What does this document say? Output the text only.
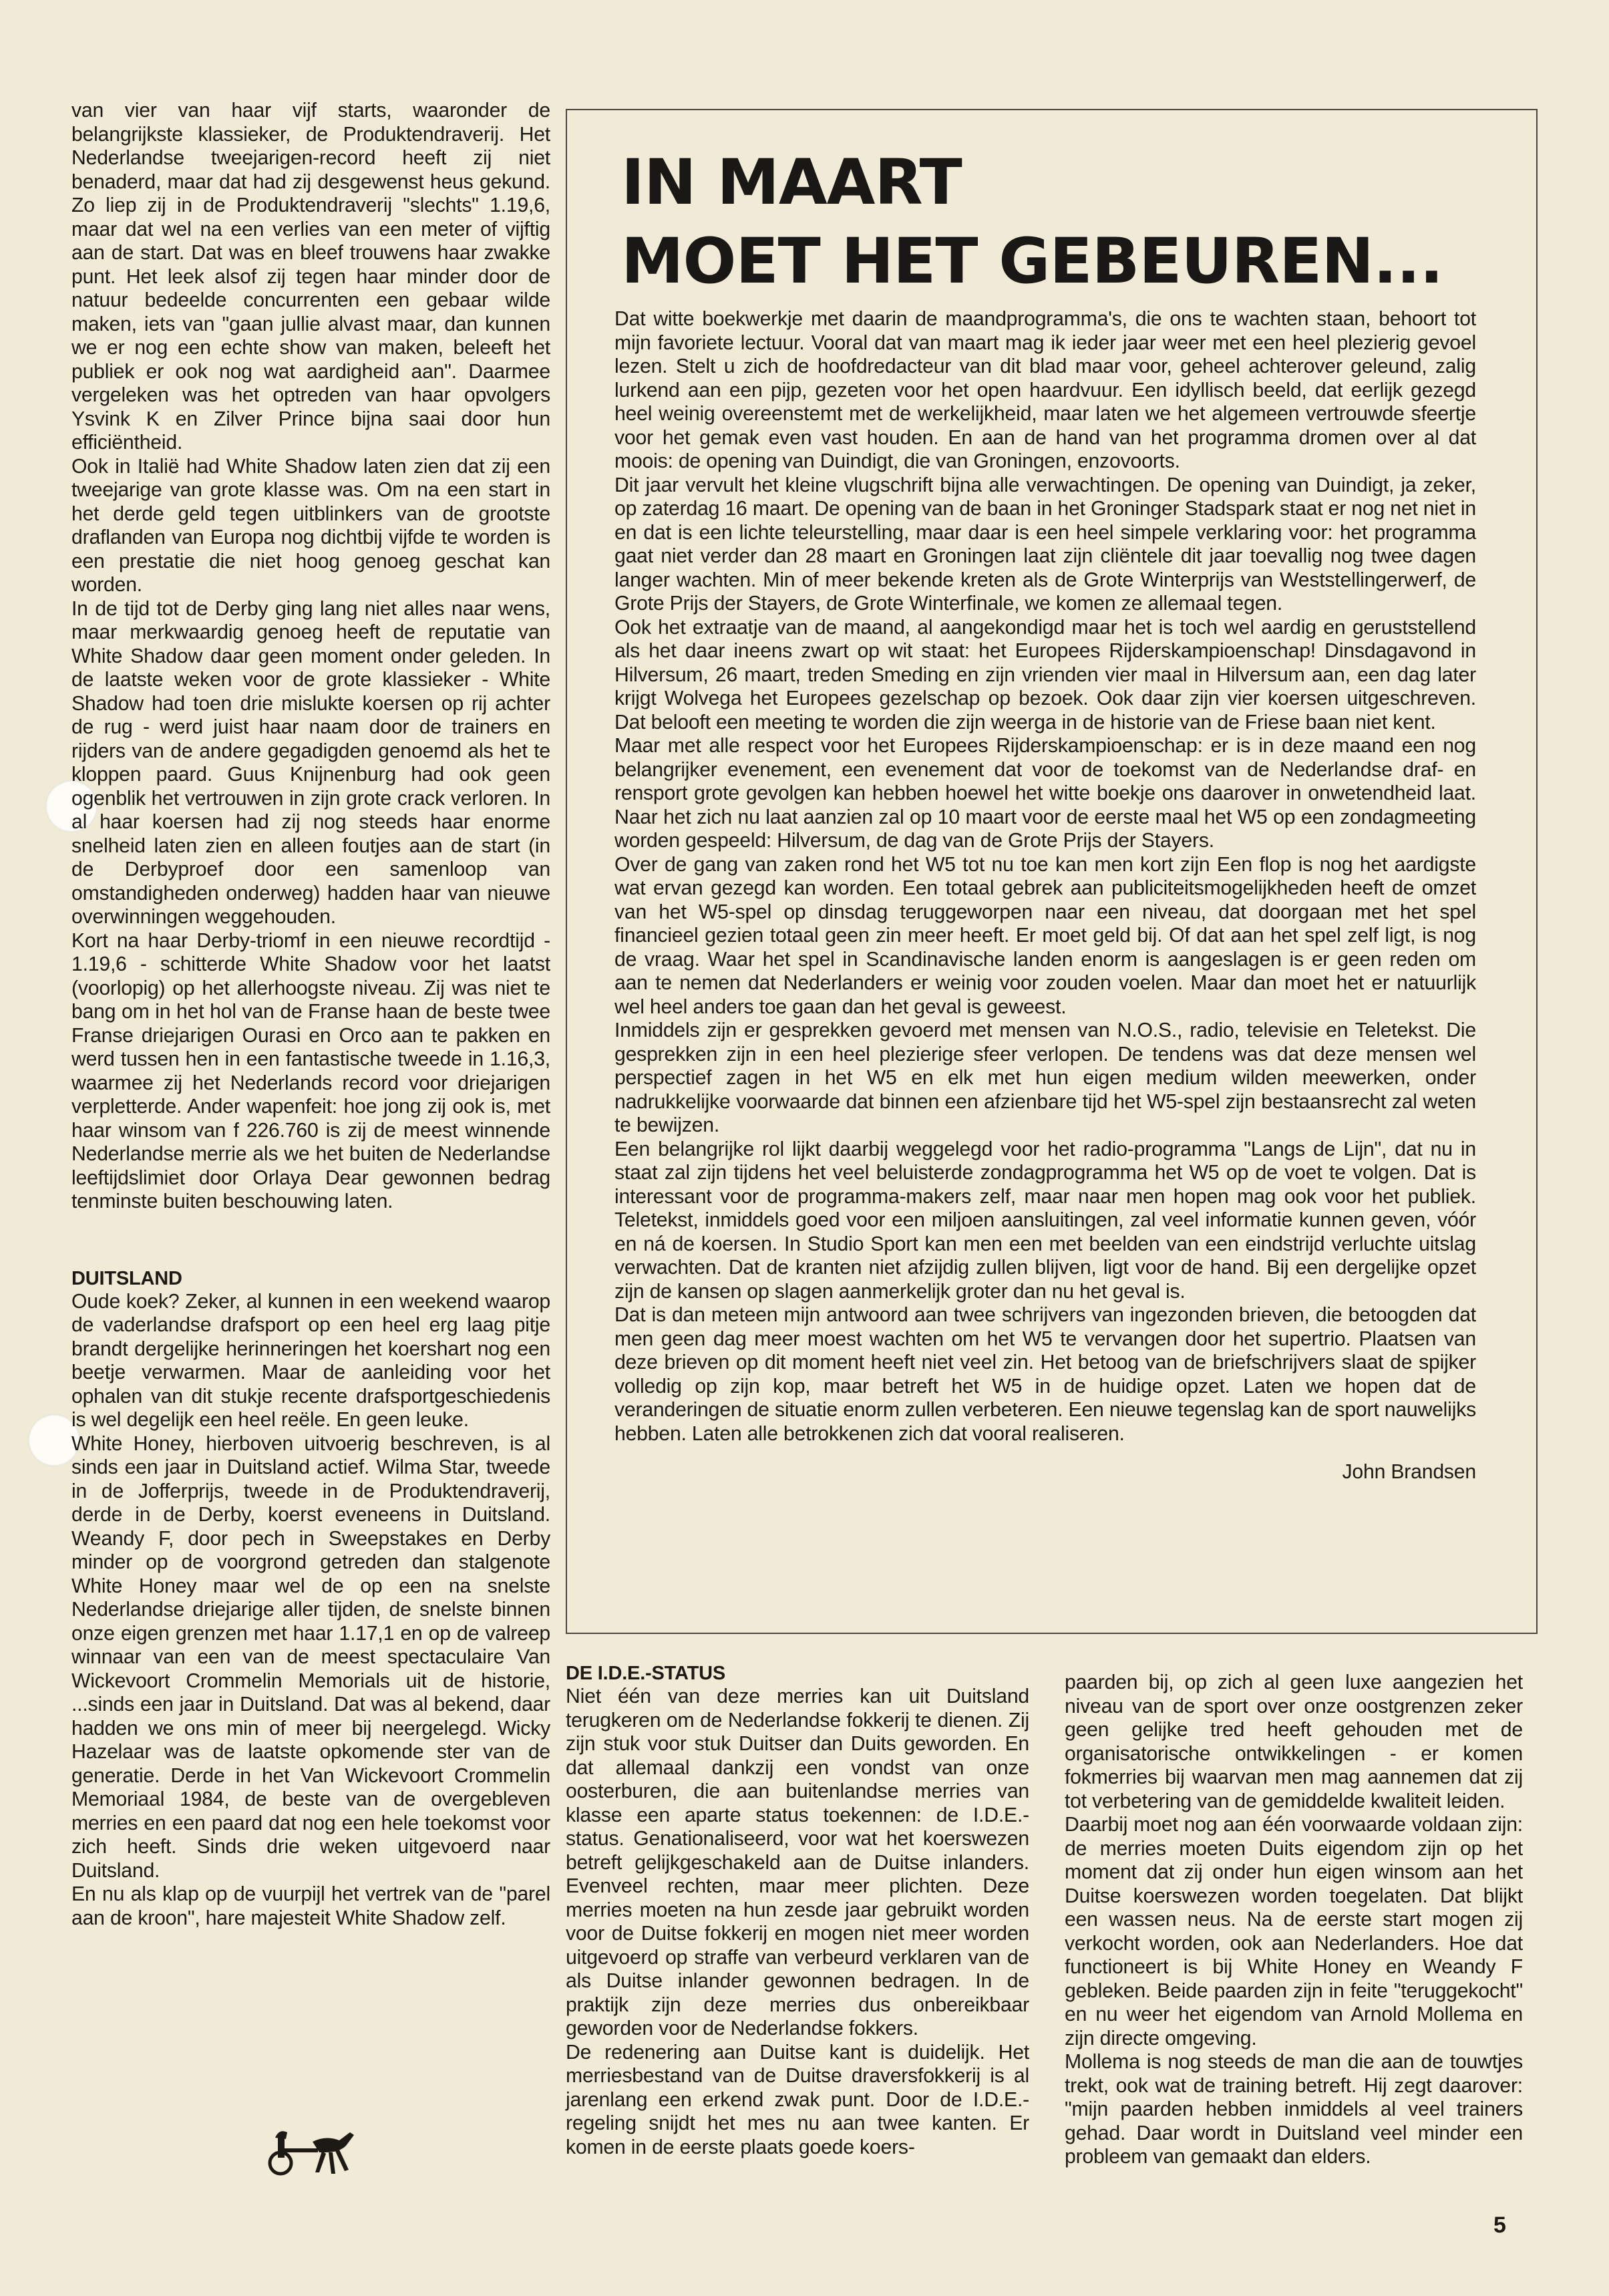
van vier van haar vijf starts, waaronder de belangrijkste klassieker, de Produktendraverij. Het Nederlandse tweejarigen-record heeft zij niet benaderd, maar dat had zij desgewenst heus gekund. Zo liep zij in de Produktendraverij "slechts" 1.19,6, maar dat wel na een verlies van een meter of vijftig aan de start. Dat was en bleef trouwens haar zwakke punt. Het leek alsof zij tegen haar minder door de natuur bedeelde concurrenten een gebaar wilde maken, iets van "gaan jullie alvast maar, dan kunnen we er nog een echte show van maken, beleeft het publiek er ook nog wat aardigheid aan". Daarmee vergeleken was het optreden van haar opvolgers Ysvink K en Zilver Prince bijna saai door hun efficiëntheid.

Ook in Italië had White Shadow laten zien dat zij een tweejarige van grote klasse was. Om na een start in het derde geld tegen uitblinkers van de grootste draflanden van Europa nog dichtbij vijfde te worden is een prestatie die niet hoog genoeg geschat kan worden.

In de tijd tot de Derby ging lang niet alles naar wens, maar merkwaardig genoeg heeft de reputatie van White Shadow daar geen moment onder geleden. In de laatste weken voor de grote klassieker - White Shadow had toen drie mislukte koersen op rij achter de rug - werd juist haar naam door de trainers en rijders van de andere gegadigden genoemd als het te kloppen paard. Guus Knijnenburg had ook geen ogenblik het vertrouwen in zijn grote crack verloren. In al haar koersen had zij nog steeds haar enorme snelheid laten zien en alleen foutjes aan de start (in de Derbyproef door een samenloop van omstandigheden onderweg) hadden haar van nieuwe overwinningen weggehouden.

Kort na haar Derby-triomf in een nieuwe recordtijd - 1.19,6 - schitterde White Shadow voor het laatst (voorlopig) op het allerhoogste niveau. Zij was niet te bang om in het hol van de Franse haan de beste twee Franse driejarigen Ourasi en Orco aan te pakken en werd tussen hen in een fantastische tweede in 1.16,3, waarmee zij het Nederlands record voor driejarigen verpletterde. Ander wapenfeit: hoe jong zij ook is, met haar winsom van f 226.760 is zij de meest winnende Nederlandse merrie als we het buiten de Nederlandse leeftijdslimiet door Orlaya Dear gewonnen bedrag tenminste buiten beschouwing laten.

DUITSLAND

Oude koek? Zeker, al kunnen in een weekend waarop de vaderlandse drafsport op een heel erg laag pitje brandt dergelijke herinneringen het koershart nog een beetje verwarmen. Maar de aanleiding voor het ophalen van dit stukje recente drafsportgeschiedenis is wel degelijk een heel reële. En geen leuke.

White Honey, hierboven uitvoerig beschreven, is al sinds een jaar in Duitsland actief. Wilma Star, tweede in de Jofferprijs, tweede in de Produktendraverij, derde in de Derby, koerst eveneens in Duitsland. Weandy F, door pech in Sweepstakes en Derby minder op de voorgrond getreden dan stalgenote White Honey maar wel de op een na snelste Nederlandse driejarige aller tijden, de snelste binnen onze eigen grenzen met haar 1.17,1 en op de valreep winnaar van een van de meest spectaculaire Van Wickevoort Crommelin Memorials uit de historie, ...sinds een jaar in Duitsland. Dat was al bekend, daar hadden we ons min of meer bij neergelegd. Wicky Hazelaar was de laatste opkomende ster van de generatie. Derde in het Van Wickevoort Crommelin Memoriaal 1984, de beste van de overgebleven merries en een paard dat nog een hele toekomst voor zich heeft. Sinds drie weken uitgevoerd naar Duitsland.

En nu als klap op de vuurpijl het vertrek van de "parel aan de kroon", hare majesteit White Shadow zelf.

IN MAART
MOET HET GEBEUREN...

Dat witte boekwerkje met daarin de maandprogramma's, die ons te wachten staan, behoort tot mijn favoriete lectuur. Vooral dat van maart mag ik ieder jaar weer met een heel plezierig gevoel lezen. Stelt u zich de hoofdredacteur van dit blad maar voor, geheel achterover geleund, zalig lurkend aan een pijp, gezeten voor het open haardvuur. Een idyllisch beeld, dat eerlijk gezegd heel weinig overeenstemt met de werkelijkheid, maar laten we het algemeen vertrouwde sfeertje voor het gemak even vast houden. En aan de hand van het programma dromen over al dat moois: de opening van Duindigt, die van Groningen, enzovoorts.

Dit jaar vervult het kleine vlugschrift bijna alle verwachtingen. De opening van Duindigt, ja zeker, op zaterdag 16 maart. De opening van de baan in het Groninger Stadspark staat er nog net niet in en dat is een lichte teleurstelling, maar daar is een heel simpele verklaring voor: het programma gaat niet verder dan 28 maart en Groningen laat zijn cliëntele dit jaar toevallig nog twee dagen langer wachten. Min of meer bekende kreten als de Grote Winterprijs van Weststellingerwerf, de Grote Prijs der Stayers, de Grote Winterfinale, we komen ze allemaal tegen.

Ook het extraatje van de maand, al aangekondigd maar het is toch wel aardig en geruststellend als het daar ineens zwart op wit staat: het Europees Rijderskampioenschap! Dinsdagavond in Hilversum, 26 maart, treden Smeding en zijn vrienden vier maal in Hilversum aan, een dag later krijgt Wolvega het Europees gezelschap op bezoek. Ook daar zijn vier koersen uitgeschreven. Dat belooft een meeting te worden die zijn weerga in de historie van de Friese baan niet kent.

Maar met alle respect voor het Europees Rijderskampioenschap: er is in deze maand een nog belangrijker evenement, een evenement dat voor de toekomst van de Nederlandse draf- en rensport grote gevolgen kan hebben hoewel het witte boekje ons daarover in onwetendheid laat. Naar het zich nu laat aanzien zal op 10 maart voor de eerste maal het W5 op een zondagmeeting worden gespeeld: Hilversum, de dag van de Grote Prijs der Stayers.

Over de gang van zaken rond het W5 tot nu toe kan men kort zijn Een flop is nog het aardigste wat ervan gezegd kan worden. Een totaal gebrek aan publiciteitsmogelijkheden heeft de omzet van het W5-spel op dinsdag teruggeworpen naar een niveau, dat doorgaan met het spel financieel gezien totaal geen zin meer heeft. Er moet geld bij. Of dat aan het spel zelf ligt, is nog de vraag. Waar het spel in Scandinavische landen enorm is aangeslagen is er geen reden om aan te nemen dat Nederlanders er weinig voor zouden voelen. Maar dan moet het er natuurlijk wel heel anders toe gaan dan het geval is geweest.

Inmiddels zijn er gesprekken gevoerd met mensen van N.O.S., radio, televisie en Teletekst. Die gesprekken zijn in een heel plezierige sfeer verlopen. De tendens was dat deze mensen wel perspectief zagen in het W5 en elk met hun eigen medium wilden meewerken, onder nadrukkelijke voorwaarde dat binnen een afzienbare tijd het W5-spel zijn bestaansrecht zal weten te bewijzen.

Een belangrijke rol lijkt daarbij weggelegd voor het radio-programma "Langs de Lijn", dat nu in staat zal zijn tijdens het veel beluisterde zondagprogramma het W5 op de voet te volgen. Dat is interessant voor de programma-makers zelf, maar naar men hopen mag ook voor het publiek. Teletekst, inmiddels goed voor een miljoen aansluitingen, zal veel informatie kunnen geven, vóór en ná de koersen. In Studio Sport kan men een met beelden van een eindstrijd verluchte uitslag verwachten. Dat de kranten niet afzijdig zullen blijven, ligt voor de hand. Bij een dergelijke opzet zijn de kansen op slagen aanmerkelijk groter dan nu het geval is.

Dat is dan meteen mijn antwoord aan twee schrijvers van ingezonden brieven, die betoogden dat men geen dag meer moest wachten om het W5 te vervangen door het supertrio. Plaatsen van deze brieven op dit moment heeft niet veel zin. Het betoog van de briefschrijvers slaat de spijker volledig op zijn kop, maar betreft het W5 in de huidige opzet. Laten we hopen dat de veranderingen de situatie enorm zullen verbeteren. Een nieuwe tegenslag kan de sport nauwelijks hebben. Laten alle betrokkenen zich dat vooral realiseren.

John Brandsen

DE I.D.E.-STATUS

Niet één van deze merries kan uit Duitsland terugkeren om de Nederlandse fokkerij te dienen. Zij zijn stuk voor stuk Duitser dan Duits geworden. En dat allemaal dankzij een vondst van onze oosterburen, die aan buitenlandse merries van klasse een aparte status toekennen: de I.D.E.-status. Genationaliseerd, voor wat het koerswezen betreft gelijkgeschakeld aan de Duitse inlanders. Evenveel rechten, maar meer plichten. Deze merries moeten na hun zesde jaar gebruikt worden voor de Duitse fokkerij en mogen niet meer worden uitgevoerd op straffe van verbeurd verklaren van de als Duitse inlander gewonnen bedragen. In de praktijk zijn deze merries dus onbereikbaar geworden voor de Nederlandse fokkers.

De redenering aan Duitse kant is duidelijk. Het merriesbestand van de Duitse draversfokkerij is al jarenlang een erkend zwak punt. Door de I.D.E.-regeling snijdt het mes nu aan twee kanten. Er komen in de eerste plaats goede koers-

paarden bij, op zich al geen luxe aangezien het niveau van de sport over onze oostgrenzen zeker geen gelijke tred heeft gehouden met de organisatorische ontwikkelingen - er komen fokmerries bij waarvan men mag aannemen dat zij tot verbetering van de gemiddelde kwaliteit leiden.

Daarbij moet nog aan één voorwaarde voldaan zijn: de merries moeten Duits eigendom zijn op het moment dat zij onder hun eigen winsom aan het Duitse koerswezen worden toegelaten. Dat blijkt een wassen neus. Na de eerste start mogen zij verkocht worden, ook aan Nederlanders. Hoe dat functioneert is bij White Honey en Weandy F gebleken. Beide paarden zijn in feite "teruggekocht" en nu weer het eigendom van Arnold Mollema en zijn directe omgeving.

Mollema is nog steeds de man die aan de touwtjes trekt, ook wat de training betreft. Hij zegt daarover: "mijn paarden hebben inmiddels al veel trainers gehad. Daar wordt in Duitsland veel minder een probleem van gemaakt dan elders.

5
